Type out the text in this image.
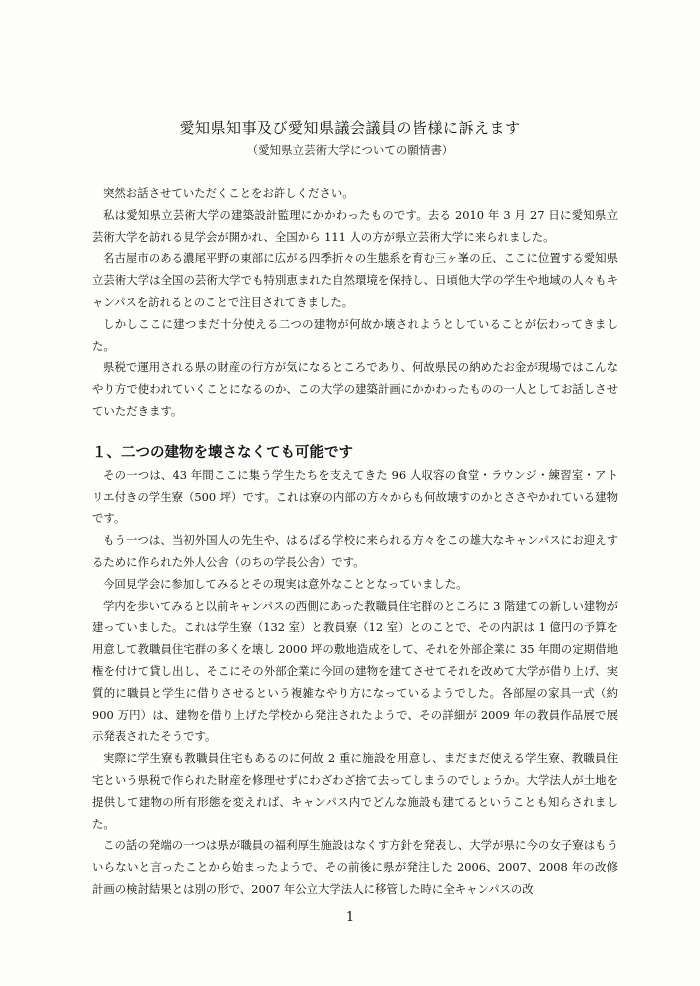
愛知県知事及び愛知県議会議員の皆様に訴えます
（愛知県立芸術大学についての願情書）

突然お話させていただくことをお許しください。

私は愛知県立芸術大学の建築設計監理にかかわったものです。去る 2010 年 3 月 27 日に愛知県立芸術大学を訪れる見学会が開かれ、全国から 111 人の方が県立芸術大学に来られました。

名古屋市のある濃尾平野の東部に広がる四季折々の生態系を育む三ヶ峯の丘、ここに位置する愛知県立芸術大学は全国の芸術大学でも特別恵まれた自然環境を保持し、日頃他大学の学生や地域の人々もキャンパスを訪れるとのことで注目されてきました。

しかしここに建つまだ十分使える二つの建物が何故か壊されようとしていることが伝わってきました。

県税で運用される県の財産の行方が気になるところであり、何故県民の納めたお金が現場ではこんなやり方で使われていくことになるのか、この大学の建築計画にかかわったものの一人としてお話しさせていただきます。

１、二つの建物を壊さなくても可能です

その一つは、43 年間ここに集う学生たちを支えてきた 96 人収容の食堂・ラウンジ・練習室・アトリエ付きの学生寮（500 坪）です。これは寮の内部の方々からも何故壊すのかとささやかれている建物です。

もう一つは、当初外国人の先生や、はるばる学校に来られる方々をこの雄大なキャンパスにお迎えするために作られた外人公舎（のちの学長公舎）です。

今回見学会に参加してみるとその現実は意外なこととなっていました。

学内を歩いてみると以前キャンパスの西側にあった教職員住宅群のところに 3 階建ての新しい建物が建っていました。これは学生寮（132 室）と教員寮（12 室）とのことで、その内訳は 1 億円の予算を用意して教職員住宅群の多くを壊し 2000 坪の敷地造成をして、それを外部企業に 35 年間の定期借地権を付けて貸し出し、そこにその外部企業に今回の建物を建てさせてそれを改めて大学が借り上げ、実質的に職員と学生に借りさせるという複雑なやり方になっているようでした。各部屋の家具一式（約 900 万円）は、建物を借り上げた学校から発注されたようで、その詳細が 2009 年の教員作品展で展示発表されたそうです。

実際に学生寮も教職員住宅もあるのに何故 2 重に施設を用意し、まだまだ使える学生寮、教職員住宅という県税で作られた財産を修理せずにわざわざ捨て去ってしまうのでしょうか。大学法人が土地を提供して建物の所有形態を変えれば、キャンパス内でどんな施設も建てるということも知らされました。

この話の発端の一つは県が職員の福利厚生施設はなくす方針を発表し、大学が県に今の女子寮はもういらないと言ったことから始まったようで、その前後に県が発注した 2006、2007、2008 年の改修計画の検討結果とは別の形で、2007 年公立大学法人に移管した時に全キャンパスの改

1
